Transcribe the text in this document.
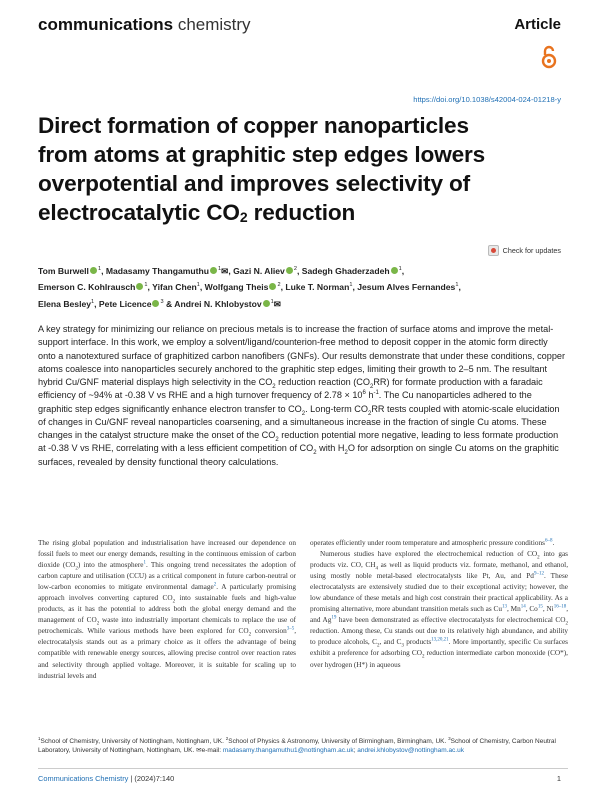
communications chemistry	Article
https://doi.org/10.1038/s42004-024-01218-y
Direct formation of copper nanoparticles
from atoms at graphitic step edges lowers
overpotential and improves selectivity of
electrocatalytic $CO_2$ reduction
Check for updates
Tom Burwell $^1$, Madasamy Thangamuthu $^1$✉, Gazi N. Aliev $^2$, Sadegh Ghaderzadeh $^1$,
Emerson C. Kohlrausch $^1$, Yifan Chen$^1$, Wolfgang Theis $^2$, Luke T. Norman$^1$, Jesum Alves Fernandes$^1$,
Elena Besley$^1$, Pete Licence $^3$ & Andrei N. Khlobystov $^1$✉
A key strategy for minimizing our reliance on precious metals is to increase the fraction of surface atoms and improve the metal-support interface. In this work, we employ a solvent/ligand/counterion-free method to deposit copper in the atomic form directly onto a nanotextured surface of graphitized carbon nanofibers (GNFs). Our results demonstrate that under these conditions, copper atoms coalesce into nanoparticles securely anchored to the graphitic step edges, limiting their growth to 2–5 nm. The resultant hybrid Cu/GNF material displays high selectivity in the $CO_2$ reduction reaction $(CO_2RR)$ for formate production with a faradaic efficiency of ~94% at -0.38 V vs RHE and a high turnover frequency of $2.78 \times 10^6$ $h^{-1}$. The Cu nanoparticles adhered to the graphitic step edges significantly enhance electron transfer to $CO_2$. Long-term $CO_2RR$ tests coupled with atomic-scale elucidation of changes in Cu/GNF reveal nanoparticles coarsening, and a simultaneous increase in the fraction of single Cu atoms. These changes in the catalyst structure make the onset of the $CO_2$ reduction potential more negative, leading to less formate production at -0.38 V vs RHE, correlating with a less efficient competition of $CO_2$ with $H_2O$ for adsorption on single Cu atoms on the graphitic surfaces, revealed by density functional theory calculations.

The rising global population and industrialisation have increased our dependence on fossil fuels to meet our energy demands, resulting in the continuous emission of carbon dioxide $(CO_2)$ into the atmosphere$^1$. This ongoing trend necessitates the adoption of carbon capture and utilisation (CCU) as a critical component in future carbon-neutral or low-carbon economies to mitigate environmental damage$^2$. A particularly promising approach involves converting captured $CO_2$ into sustainable fuels and high-value products, as it has the potential to address both the global energy demand and the management of $CO_2$ waste into industrially important chemicals to replace the use of petrochemicals. While various methods have been explored for $CO_2$ conversion$^{3-5}$, electrocatalysis stands out as a primary choice as it offers the advantage of being compatible with renewable energy sources, allowing precise control over reaction rates and selectivity through applied voltage. Moreover, it is suitable for scaling up to industrial levels and

operates efficiently under room temperature and atmospheric pressure conditions$^{6-8}$.

Numerous studies have explored the electrochemical reduction of $CO_2$ into gas products viz. CO, $CH_4$ as well as liquid products viz. formate, methanol, and ethanol, using mostly noble metal-based electrocatalysts like Pt, Au, and Pd$^{9-12}$. These electrocatalysts are extensively studied due to their exceptional activity; however, the low abundance of these metals and high cost constrain their practical applicability. As a promising alternative, more abundant transition metals such as Cu$^{13}$, Mn$^{14}$, Co$^{15}$, Ni$^{16-18}$, and Ag$^{19}$ have been demonstrated as effective electrocatalysts for electrochemical $CO_2$ reduction. Among these, Cu stands out due to its relatively high abundance, and ability to produce alcohols, $C_2$, and $C_3$ products$^{13,20,21}$. More importantly, specific Cu surfaces exhibit a preference for adsorbing $CO_2$ reduction intermediate carbon monoxide (CO*), over hydrogen (H*) in aqueous

$^1$School of Chemistry, University of Nottingham, Nottingham, UK. $^2$School of Physics & Astronomy, University of Birmingham, Birmingham, UK. $^3$School of Chemistry, Carbon Neutral Laboratory, University of Nottingham, Nottingham, UK. ✉e-mail: madasamy.thangamuthu1@nottingham.ac.uk; andrei.khlobystov@nottingham.ac.uk
Communications Chemistry | (2024)7:140	1
